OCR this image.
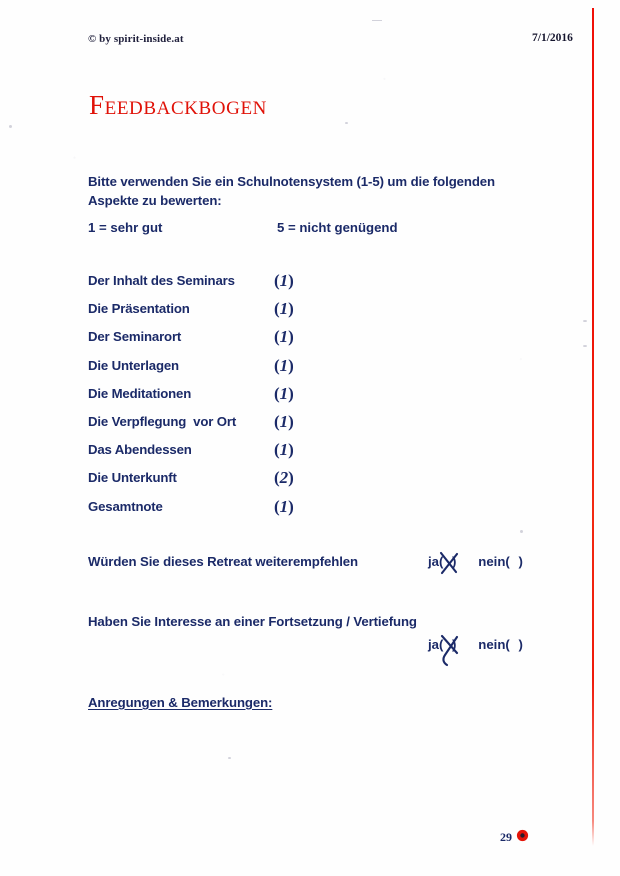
© by spirit-inside.at	7/1/2016
Feedbackbogen
Bitte verwenden Sie ein Schulnotensystem (1-5) um die folgenden Aspekte zu bewerten:
1 = sehr gut	5 = nicht genügend
Der Inhalt des Seminars (1)
Die Präsentation	(1)
Der Seminarort	(1)
Die Unterlagen	(1)
Die Meditationen	(1)
Die Verpflegung  vor Ort (1)
Das Abendessen	(1)
Die Unterkunft	(2)
Gesamtnote	(1)
Würden Sie dieses Retreat weiterempfehlen	ja( ) nein( )
Haben Sie Interesse an einer Fortsetzung / Vertiefung
ja( ) nein( )
Anregungen & Bemerkungen:
29
